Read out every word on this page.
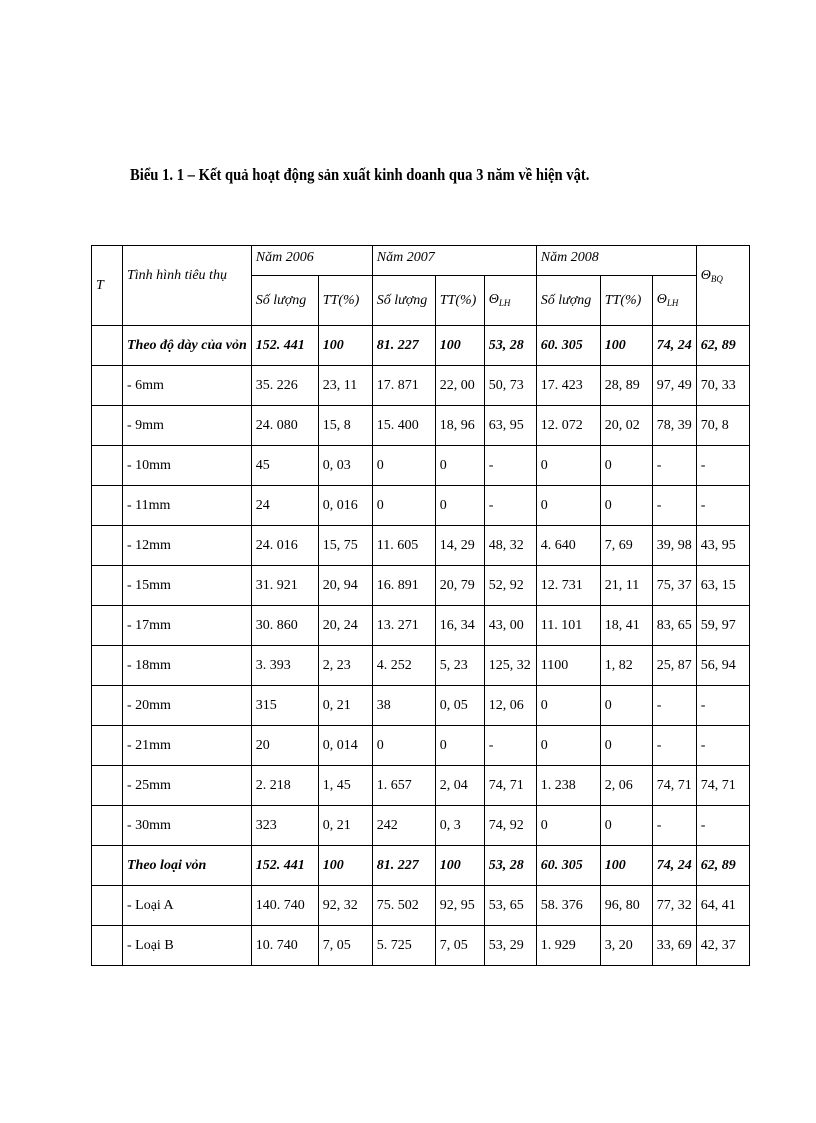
Biểu 1. 1 – Kết quả hoạt động sản xuất kinh doanh qua 3 năm về hiện vật.
T	Tình hình tiêu thụ	Năm 2006		Năm 2007			Năm 2008			$\Theta_{BQ}$
		Số lượng	TT(%)	Số lượng	TT(%)	$\Theta_{LH}$	Số lượng	TT(%)	$\Theta_{LH}$
	Theo độ dày của vỏn	152. 441	100	81. 227	100	53, 28	60. 305	100	74, 24	62, 89
	- 6mm	35. 226	23, 11	17. 871	22, 00	50, 73	17. 423	28, 89	97, 49	70, 33
	- 9mm	24. 080	15, 8	15. 400	18, 96	63, 95	12. 072	20, 02	78, 39	70, 8
	- 10mm	45	0, 03	0	0	-	0	0	-	-
	- 11mm	24	0, 016	0	0	-	0	0	-	-
	- 12mm	24. 016	15, 75	11. 605	14, 29	48, 32	4. 640	7, 69	39, 98	43, 95
	- 15mm	31. 921	20, 94	16. 891	20, 79	52, 92	12. 731	21, 11	75, 37	63, 15
	- 17mm	30. 860	20, 24	13. 271	16, 34	43, 00	11. 101	18, 41	83, 65	59, 97
	- 18mm	3. 393	2, 23	4. 252	5, 23	125, 32	1100	1, 82	25, 87	56, 94
	- 20mm	315	0, 21	38	0, 05	12, 06	0	0	-	-
	- 21mm	20	0, 014	0	0	-	0	0	-	-
	- 25mm	2. 218	1, 45	1. 657	2, 04	74, 71	1. 238	2, 06	74, 71	74, 71
	- 30mm	323	0, 21	242	0, 3	74, 92	0	0	-	-
	Theo loại vỏn	152. 441	100	81. 227	100	53, 28	60. 305	100	74, 24	62, 89
	- Loại A	140. 740	92, 32	75. 502	92, 95	53, 65	58. 376	96, 80	77, 32	64, 41
	- Loại B	10. 740	7, 05	5. 725	7, 05	53, 29	1. 929	3, 20	33, 69	42, 37
